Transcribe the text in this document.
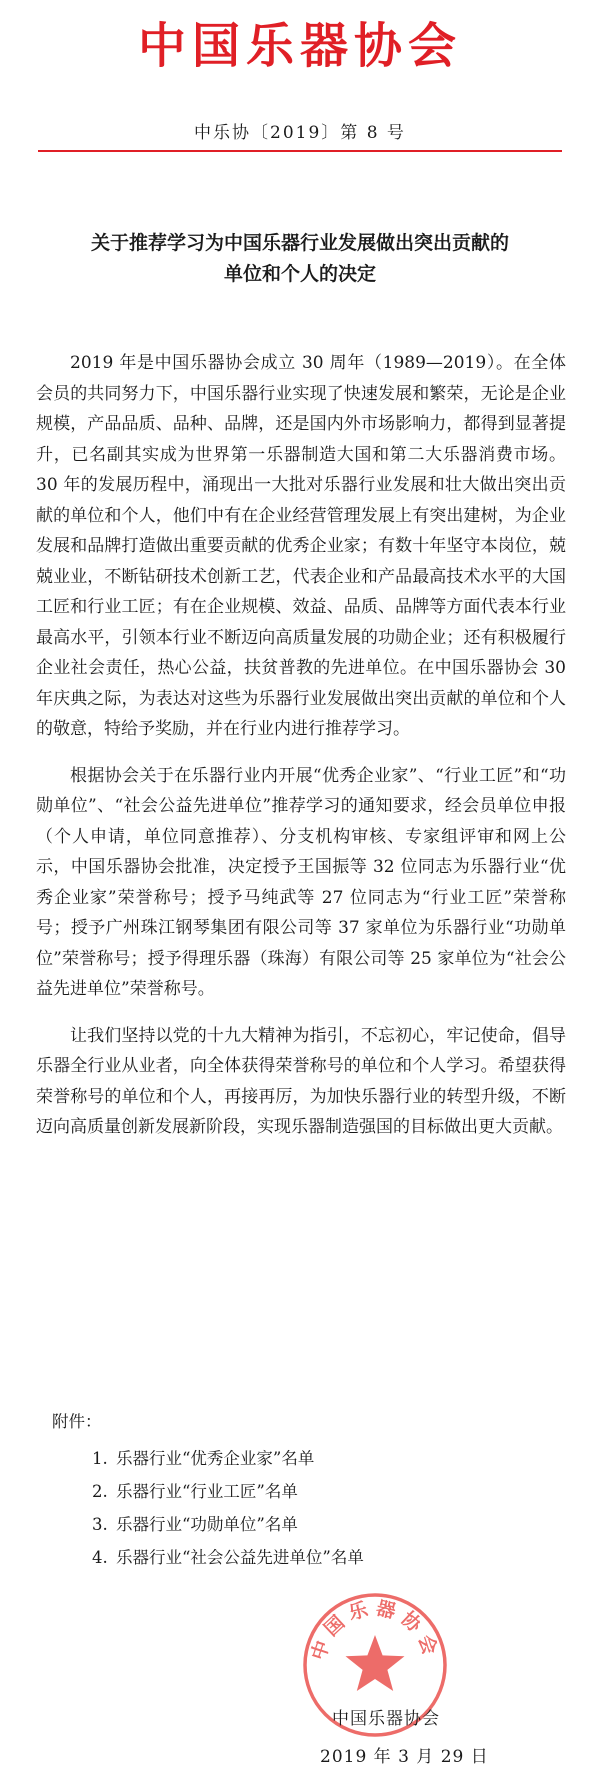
中国乐器协会
中乐协〔2019〕第 8 号
关于推荐学习为中国乐器行业发展做出突出贡献的
单位和个人的决定

2019 年是中国乐器协会成立 30 周年（1989—2019）。在全体会员的共同努力下，中国乐器行业实现了快速发展和繁荣，无论是企业规模，产品品质、品种、品牌，还是国内外市场影响力，都得到显著提升，已名副其实成为世界第一乐器制造大国和第二大乐器消费市场。30 年的发展历程中，涌现出一大批对乐器行业发展和壮大做出突出贡献的单位和个人，他们中有在企业经营管理发展上有突出建树，为企业发展和品牌打造做出重要贡献的优秀企业家；有数十年坚守本岗位，兢兢业业，不断钻研技术创新工艺，代表企业和产品最高技术水平的大国工匠和行业工匠；有在企业规模、效益、品质、品牌等方面代表本行业最高水平，引领本行业不断迈向高质量发展的功勋企业；还有积极履行企业社会责任，热心公益，扶贫普教的先进单位。在中国乐器协会 30 年庆典之际，为表达对这些为乐器行业发展做出突出贡献的单位和个人的敬意，特给予奖励，并在行业内进行推荐学习。

根据协会关于在乐器行业内开展“优秀企业家”、“行业工匠”和“功勋单位”、“社会公益先进单位”推荐学习的通知要求，经会员单位申报（个人申请，单位同意推荐）、分支机构审核、专家组评审和网上公示，中国乐器协会批准，决定授予王国振等 32 位同志为乐器行业“优秀企业家”荣誉称号；授予马纯武等 27 位同志为“行业工匠”荣誉称号；授予广州珠江钢琴集团有限公司等 37 家单位为乐器行业“功勋单位”荣誉称号；授予得理乐器（珠海）有限公司等 25 家单位为“社会公益先进单位”荣誉称号。

让我们坚持以党的十九大精神为指引，不忘初心，牢记使命，倡导乐器全行业从业者，向全体获得荣誉称号的单位和个人学习。希望获得荣誉称号的单位和个人，再接再厉，为加快乐器行业的转型升级，不断迈向高质量创新发展新阶段，实现乐器制造强国的目标做出更大贡献。

附件：
1. 乐器行业“优秀企业家”名单
2. 乐器行业“行业工匠”名单
3. 乐器行业“功勋单位”名单
4. 乐器行业“社会公益先进单位”名单
中国乐器协会
中国乐器协会
2019 年 3 月 29 日
